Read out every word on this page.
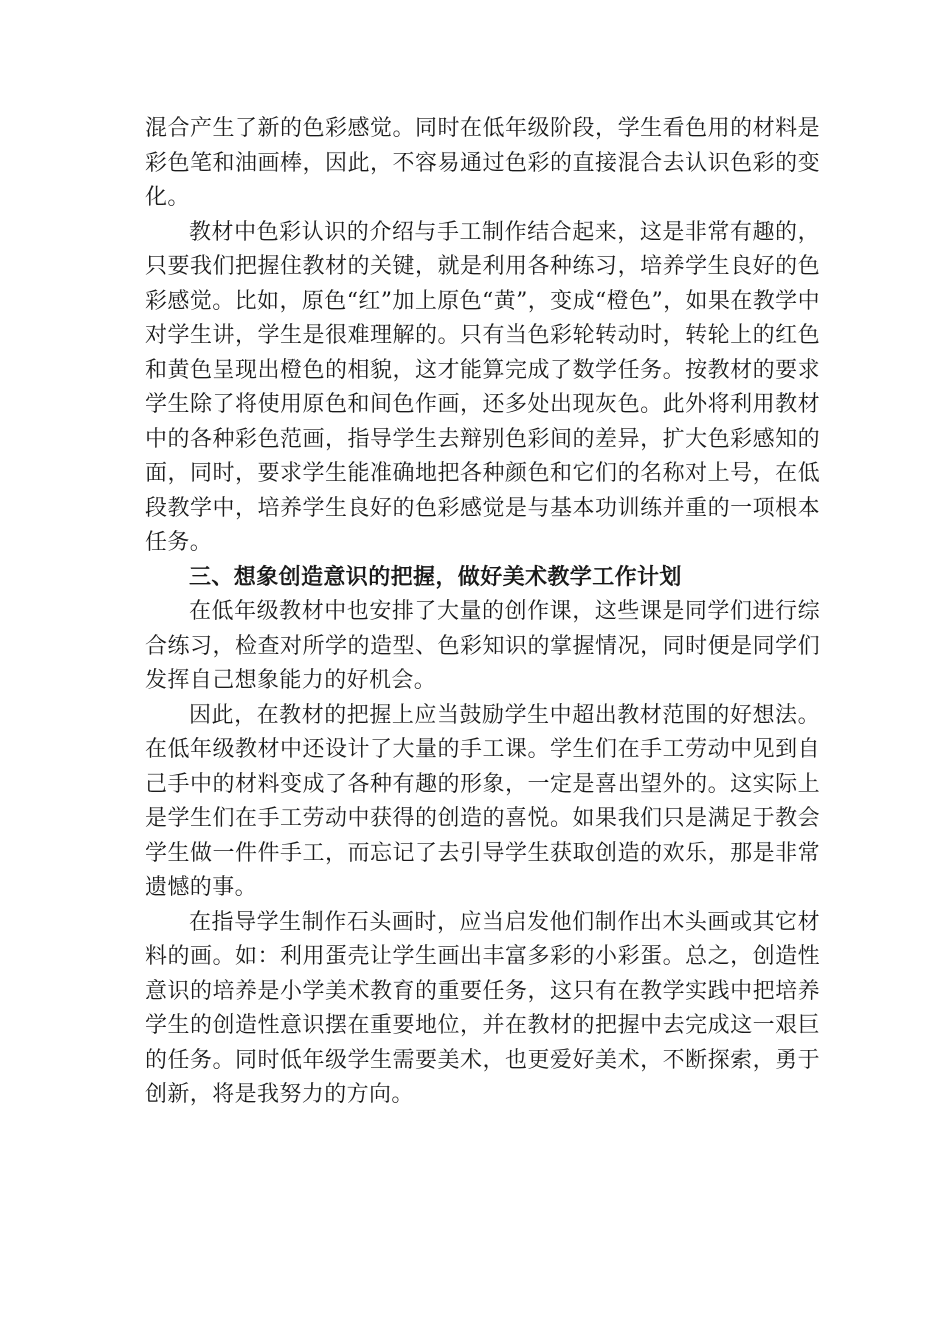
混合产生了新的色彩感觉。同时在低年级阶段，学生看色用的材料是彩色笔和油画棒，因此，不容易通过色彩的直接混合去认识色彩的变化。

教材中色彩认识的介绍与手工制作结合起来，这是非常有趣的，只要我们把握住教材的关键，就是利用各种练习，培养学生良好的色彩感觉。比如，原色“红”加上原色“黄”，变成“橙色”，如果在教学中对学生讲，学生是很难理解的。只有当色彩轮转动时，转轮上的红色和黄色呈现出橙色的相貌，这才能算完成了数学任务。按教材的要求学生除了将使用原色和间色作画，还多处出现灰色。此外将利用教材中的各种彩色范画，指导学生去辩别色彩间的差异，扩大色彩感知的面，同时，要求学生能准确地把各种颜色和它们的名称对上号，在低段教学中，培养学生良好的色彩感觉是与基本功训练并重的一项根本任务。

三、想象创造意识的把握，做好美术教学工作计划

在低年级教材中也安排了大量的创作课，这些课是同学们进行综合练习，检查对所学的造型、色彩知识的掌握情况，同时便是同学们发挥自己想象能力的好机会。

因此，在教材的把握上应当鼓励学生中超出教材范围的好想法。在低年级教材中还设计了大量的手工课。学生们在手工劳动中见到自己手中的材料变成了各种有趣的形象，一定是喜出望外的。这实际上是学生们在手工劳动中获得的创造的喜悦。如果我们只是满足于教会学生做一件件手工，而忘记了去引导学生获取创造的欢乐，那是非常遗憾的事。

在指导学生制作石头画时，应当启发他们制作出木头画或其它材料的画。如：利用蛋壳让学生画出丰富多彩的小彩蛋。总之，创造性意识的培养是小学美术教育的重要任务，这只有在教学实践中把培养学生的创造性意识摆在重要地位，并在教材的把握中去完成这一艰巨的任务。同时低年级学生需要美术，也更爱好美术，不断探索，勇于创新，将是我努力的方向。
